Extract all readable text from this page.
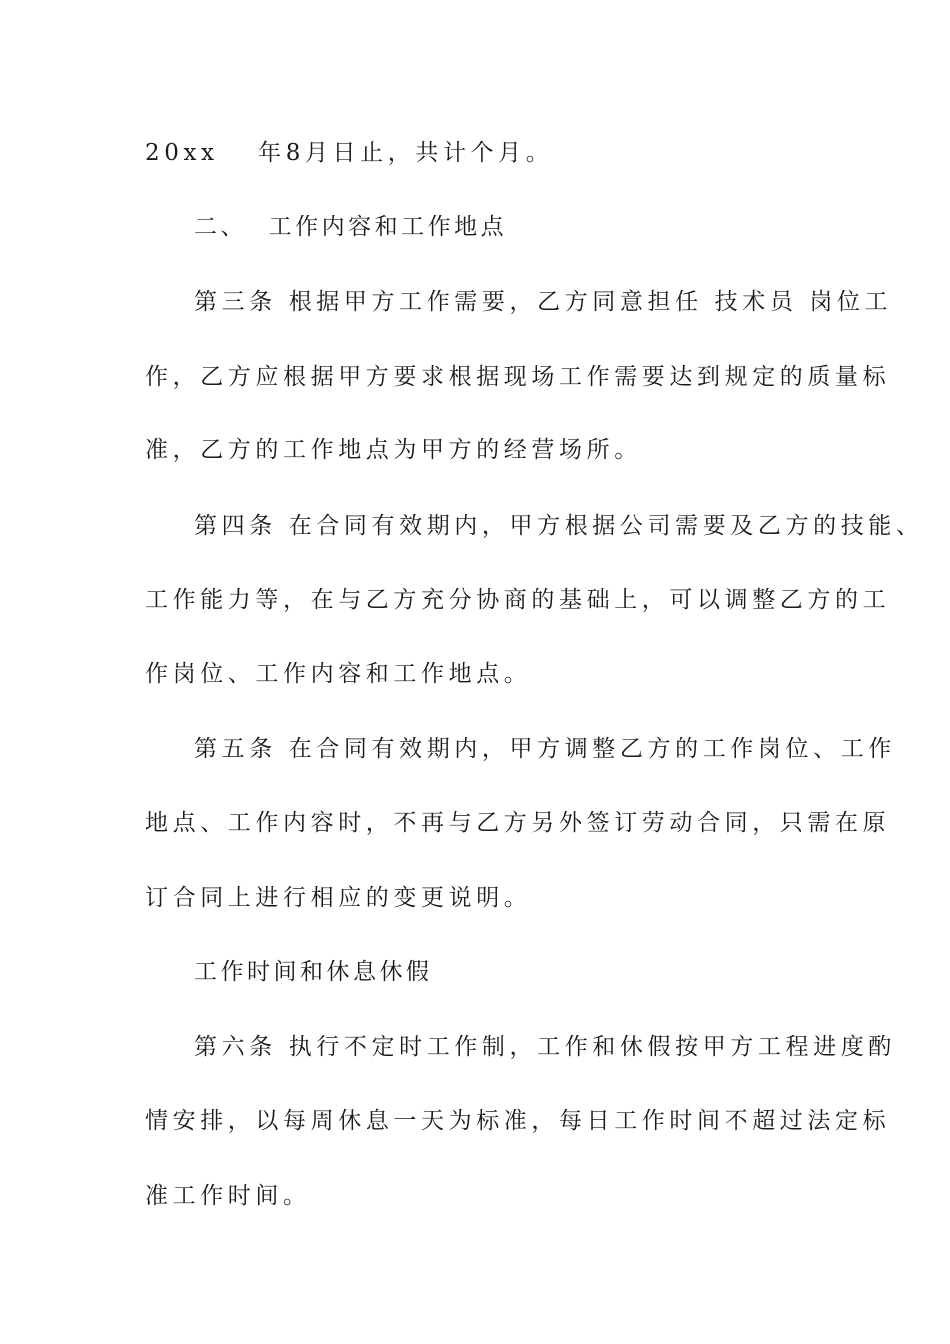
20xx　 年8月日止，共计个月。
二、  工作内容和工作地点
第三条 根据甲方工作需要，乙方同意担任 技术员 岗位工
作，乙方应根据甲方要求根据现场工作需要达到规定的质量标
准，乙方的工作地点为甲方的经营场所。
第四条 在合同有效期内，甲方根据公司需要及乙方的技能、
工作能力等，在与乙方充分协商的基础上，可以调整乙方的工
作岗位、工作内容和工作地点。
第五条 在合同有效期内，甲方调整乙方的工作岗位、工作
地点、工作内容时，不再与乙方另外签订劳动合同，只需在原
订合同上进行相应的变更说明。
工作时间和休息休假
第六条 执行不定时工作制，工作和休假按甲方工程进度酌
情安排，以每周休息一天为标准，每日工作时间不超过法定标
准工作时间。
